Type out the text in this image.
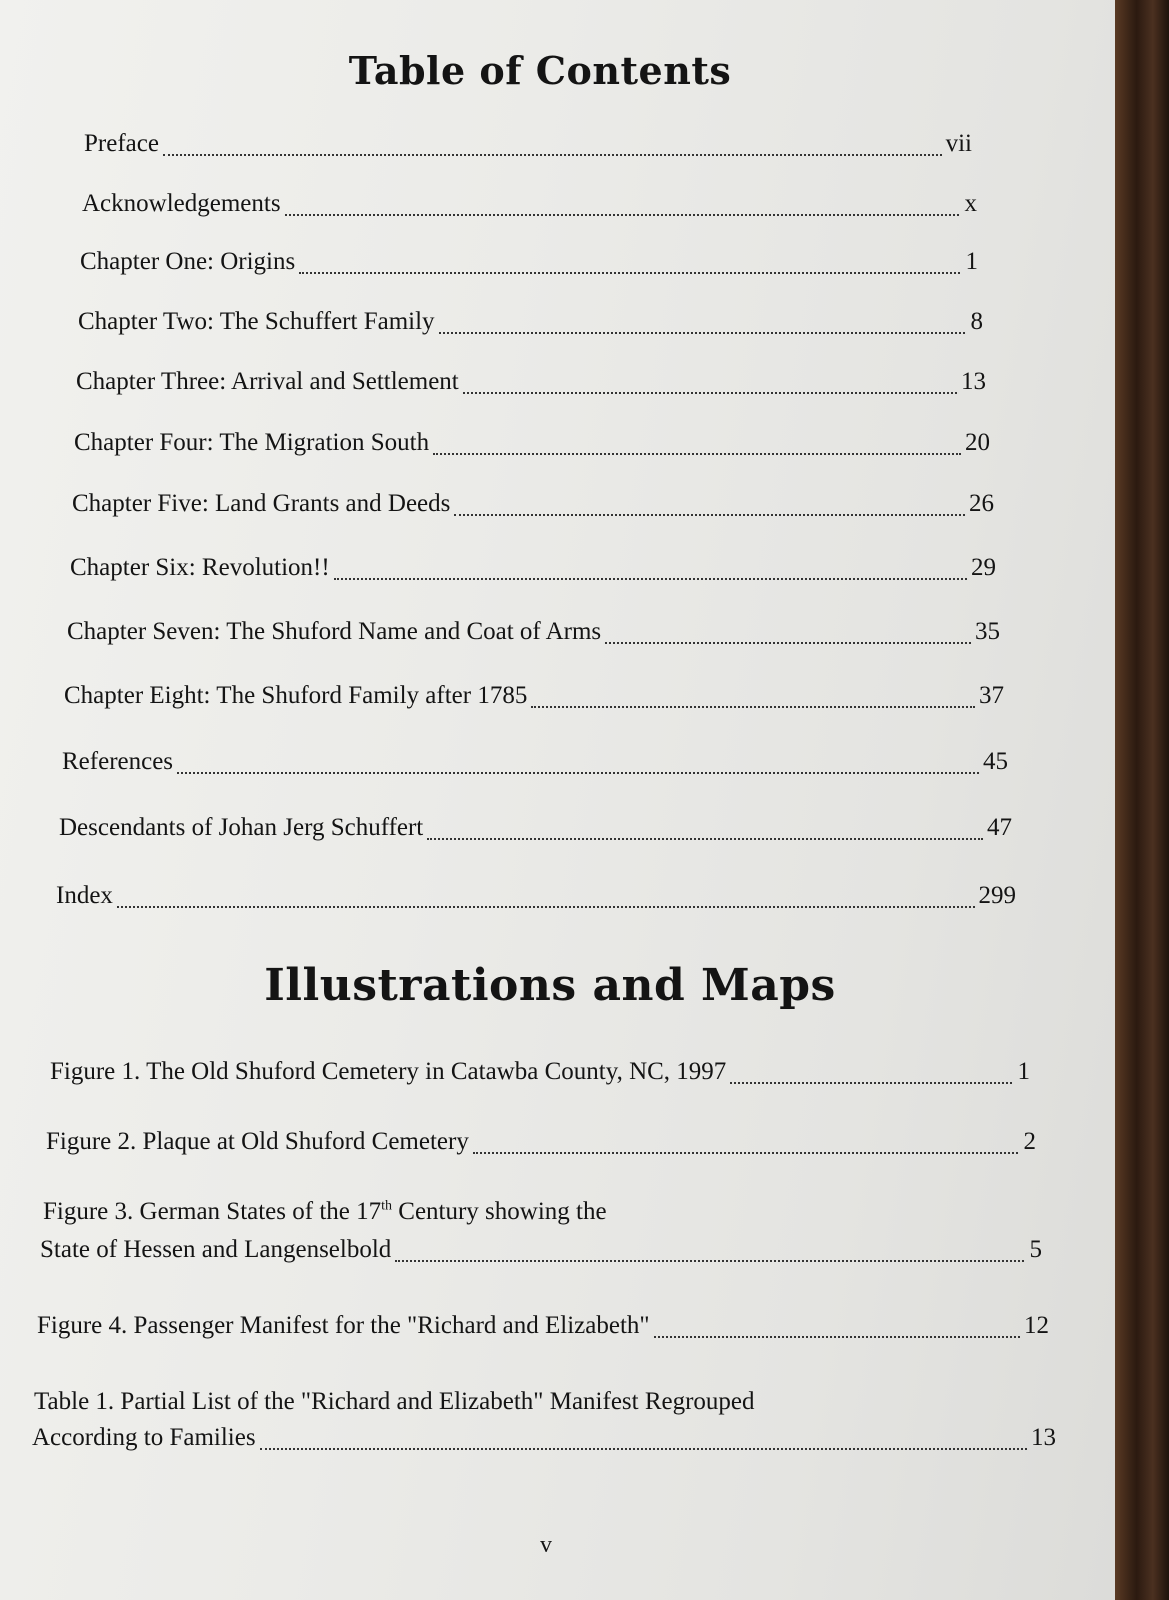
Table of Contents
Preface	vii
Acknowledgements	x
Chapter One: Origins	1
Chapter Two: The Schuffert Family	8
Chapter Three: Arrival and Settlement	13
Chapter Four: The Migration South	20
Chapter Five: Land Grants and Deeds	26
Chapter Six: Revolution!!	29
Chapter Seven: The Shuford Name and Coat of Arms	35
Chapter Eight: The Shuford Family after 1785	37
References	45
Descendants of Johan Jerg Schuffert	47
Index	299
Illustrations and Maps
Figure 1. The Old Shuford Cemetery in Catawba County, NC, 1997	1
Figure 2. Plaque at Old Shuford Cemetery	2
Figure 3. German States of the 17th Century showing the
State of Hessen and Langenselbold	5
Figure 4. Passenger Manifest for the "Richard and Elizabeth"	12
Table 1. Partial List of the "Richard and Elizabeth" Manifest Regrouped
According to Families	13
v
